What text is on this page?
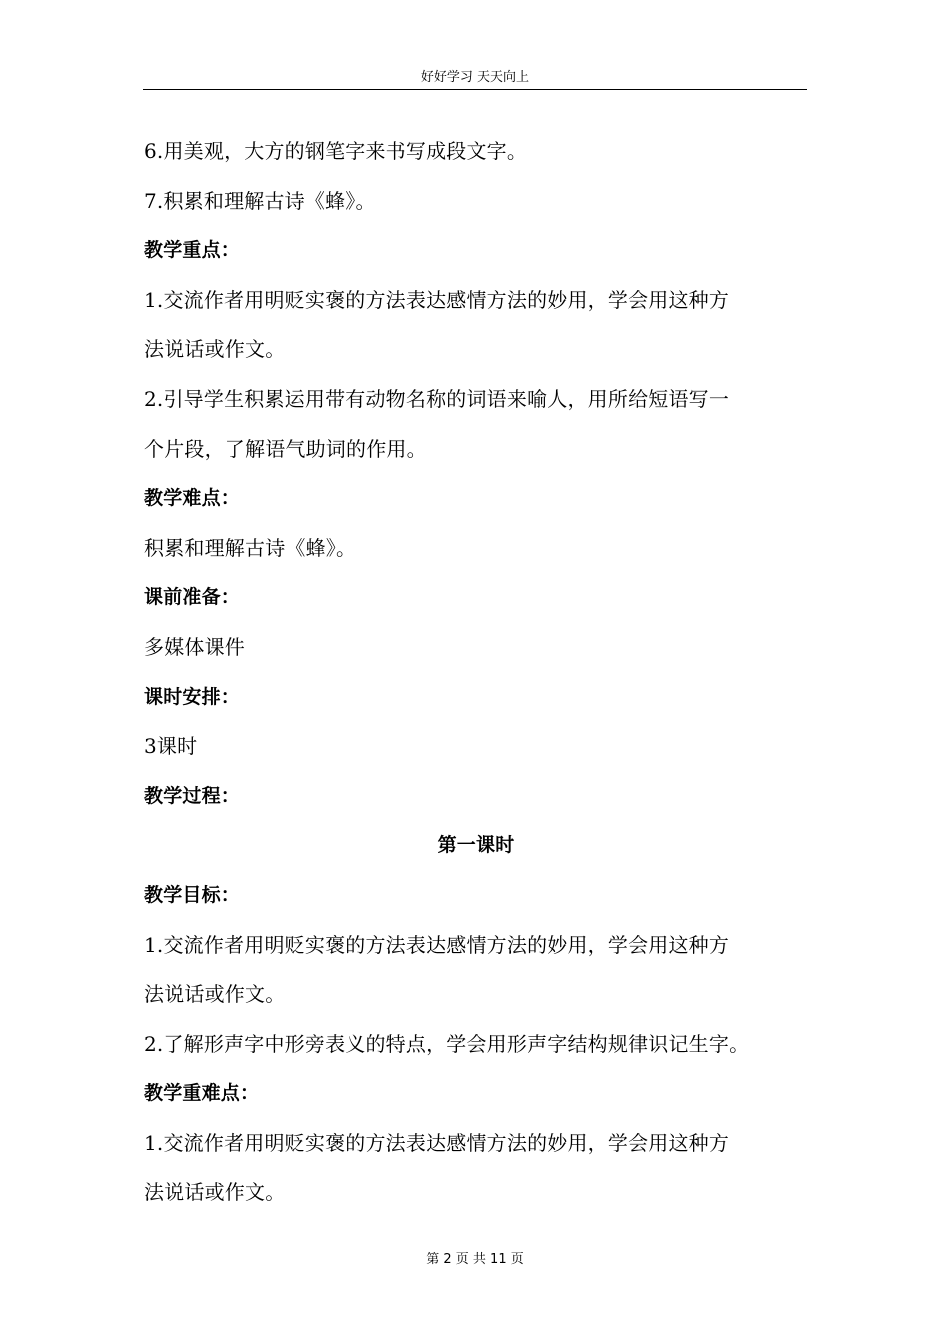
好好学习 天天向上
6.用美观，大方的钢笔字来书写成段文字。
7.积累和理解古诗《蜂》。
教学重点：
1.交流作者用明贬实褒的方法表达感情方法的妙用，学会用这种方
法说话或作文。
2.引导学生积累运用带有动物名称的词语来喻人，用所给短语写一
个片段，了解语气助词的作用。
教学难点：
积累和理解古诗《蜂》。
课前准备：
多媒体课件
课时安排：
3课时
教学过程：
第一课时
教学目标：
1.交流作者用明贬实褒的方法表达感情方法的妙用，学会用这种方
法说话或作文。
2.了解形声字中形旁表义的特点，学会用形声字结构规律识记生字。
教学重难点：
1.交流作者用明贬实褒的方法表达感情方法的妙用，学会用这种方
法说话或作文。
第 2 页 共 11 页
